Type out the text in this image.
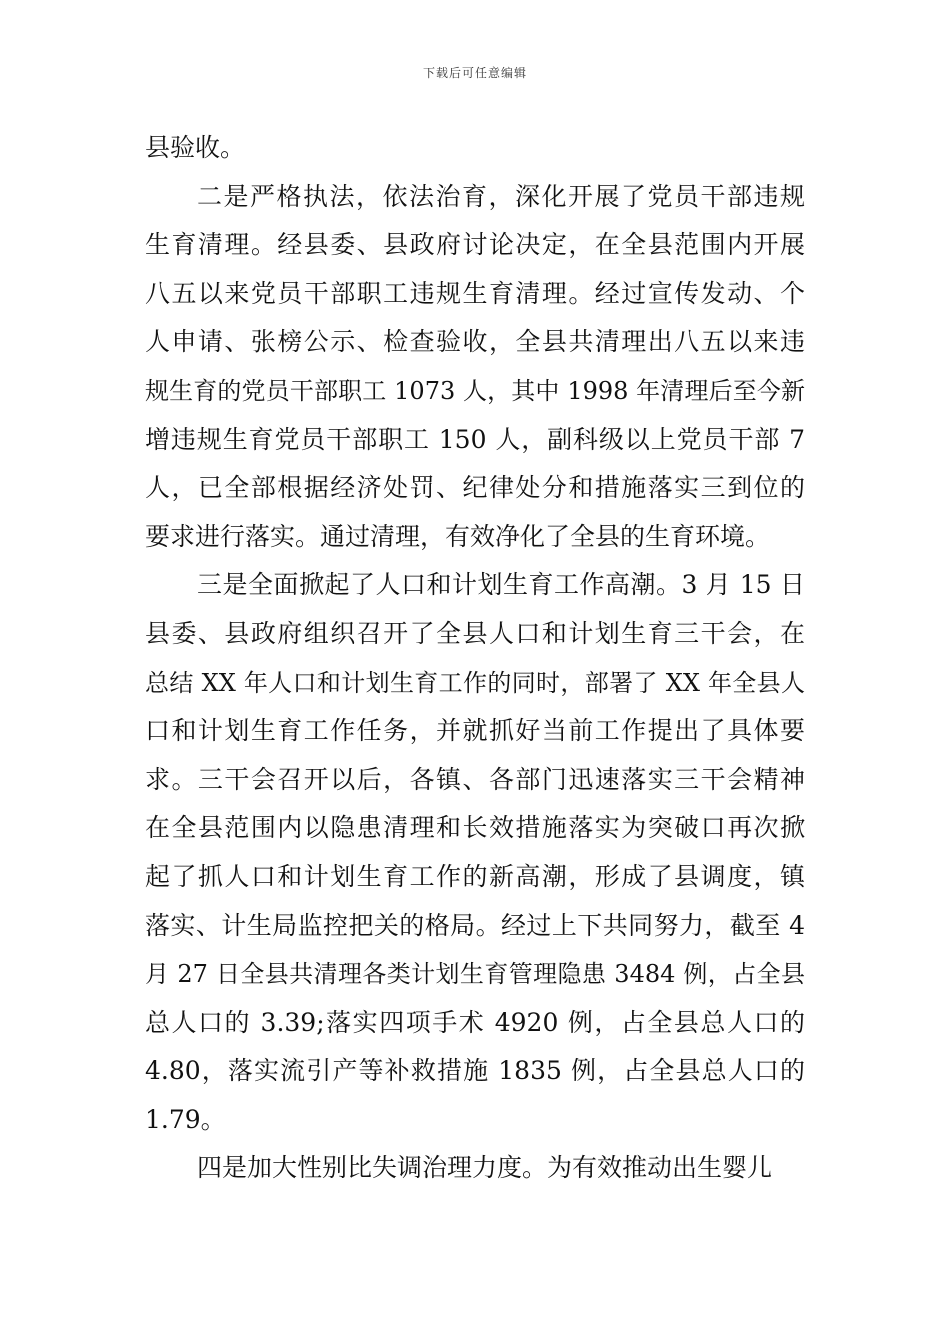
下载后可任意编辑
县验收。
二是严格执法，依法治育，深化开展了党员干部违规
生育清理。经县委、县政府讨论决定，在全县范围内开展
八五以来党员干部职工违规生育清理。经过宣传发动、个
人申请、张榜公示、检查验收，全县共清理出八五以来违
规生育的党员干部职工 1073 人，其中 1998 年清理后至今新
增违规生育党员干部职工 150 人，副科级以上党员干部 7
人，已全部根据经济处罚、纪律处分和措施落实三到位的
要求进行落实。通过清理，有效净化了全县的生育环境。
三是全面掀起了人口和计划生育工作高潮。3 月 15 日
县委、县政府组织召开了全县人口和计划生育三干会，在
总结 XX 年人口和计划生育工作的同时，部署了 XX 年全县人
口和计划生育工作任务，并就抓好当前工作提出了具体要
求。三干会召开以后，各镇、各部门迅速落实三干会精神
在全县范围内以隐患清理和长效措施落实为突破口再次掀
起了抓人口和计划生育工作的新高潮，形成了县调度，镇
落实、计生局监控把关的格局。经过上下共同努力，截至 4
月 27 日全县共清理各类计划生育管理隐患 3484 例，占全县
总人口的 3.39;落实四项手术 4920 例，占全县总人口的
4.80，落实流引产等补救措施 1835 例，占全县总人口的
1.79。
四是加大性别比失调治理力度。为有效推动出生婴儿
